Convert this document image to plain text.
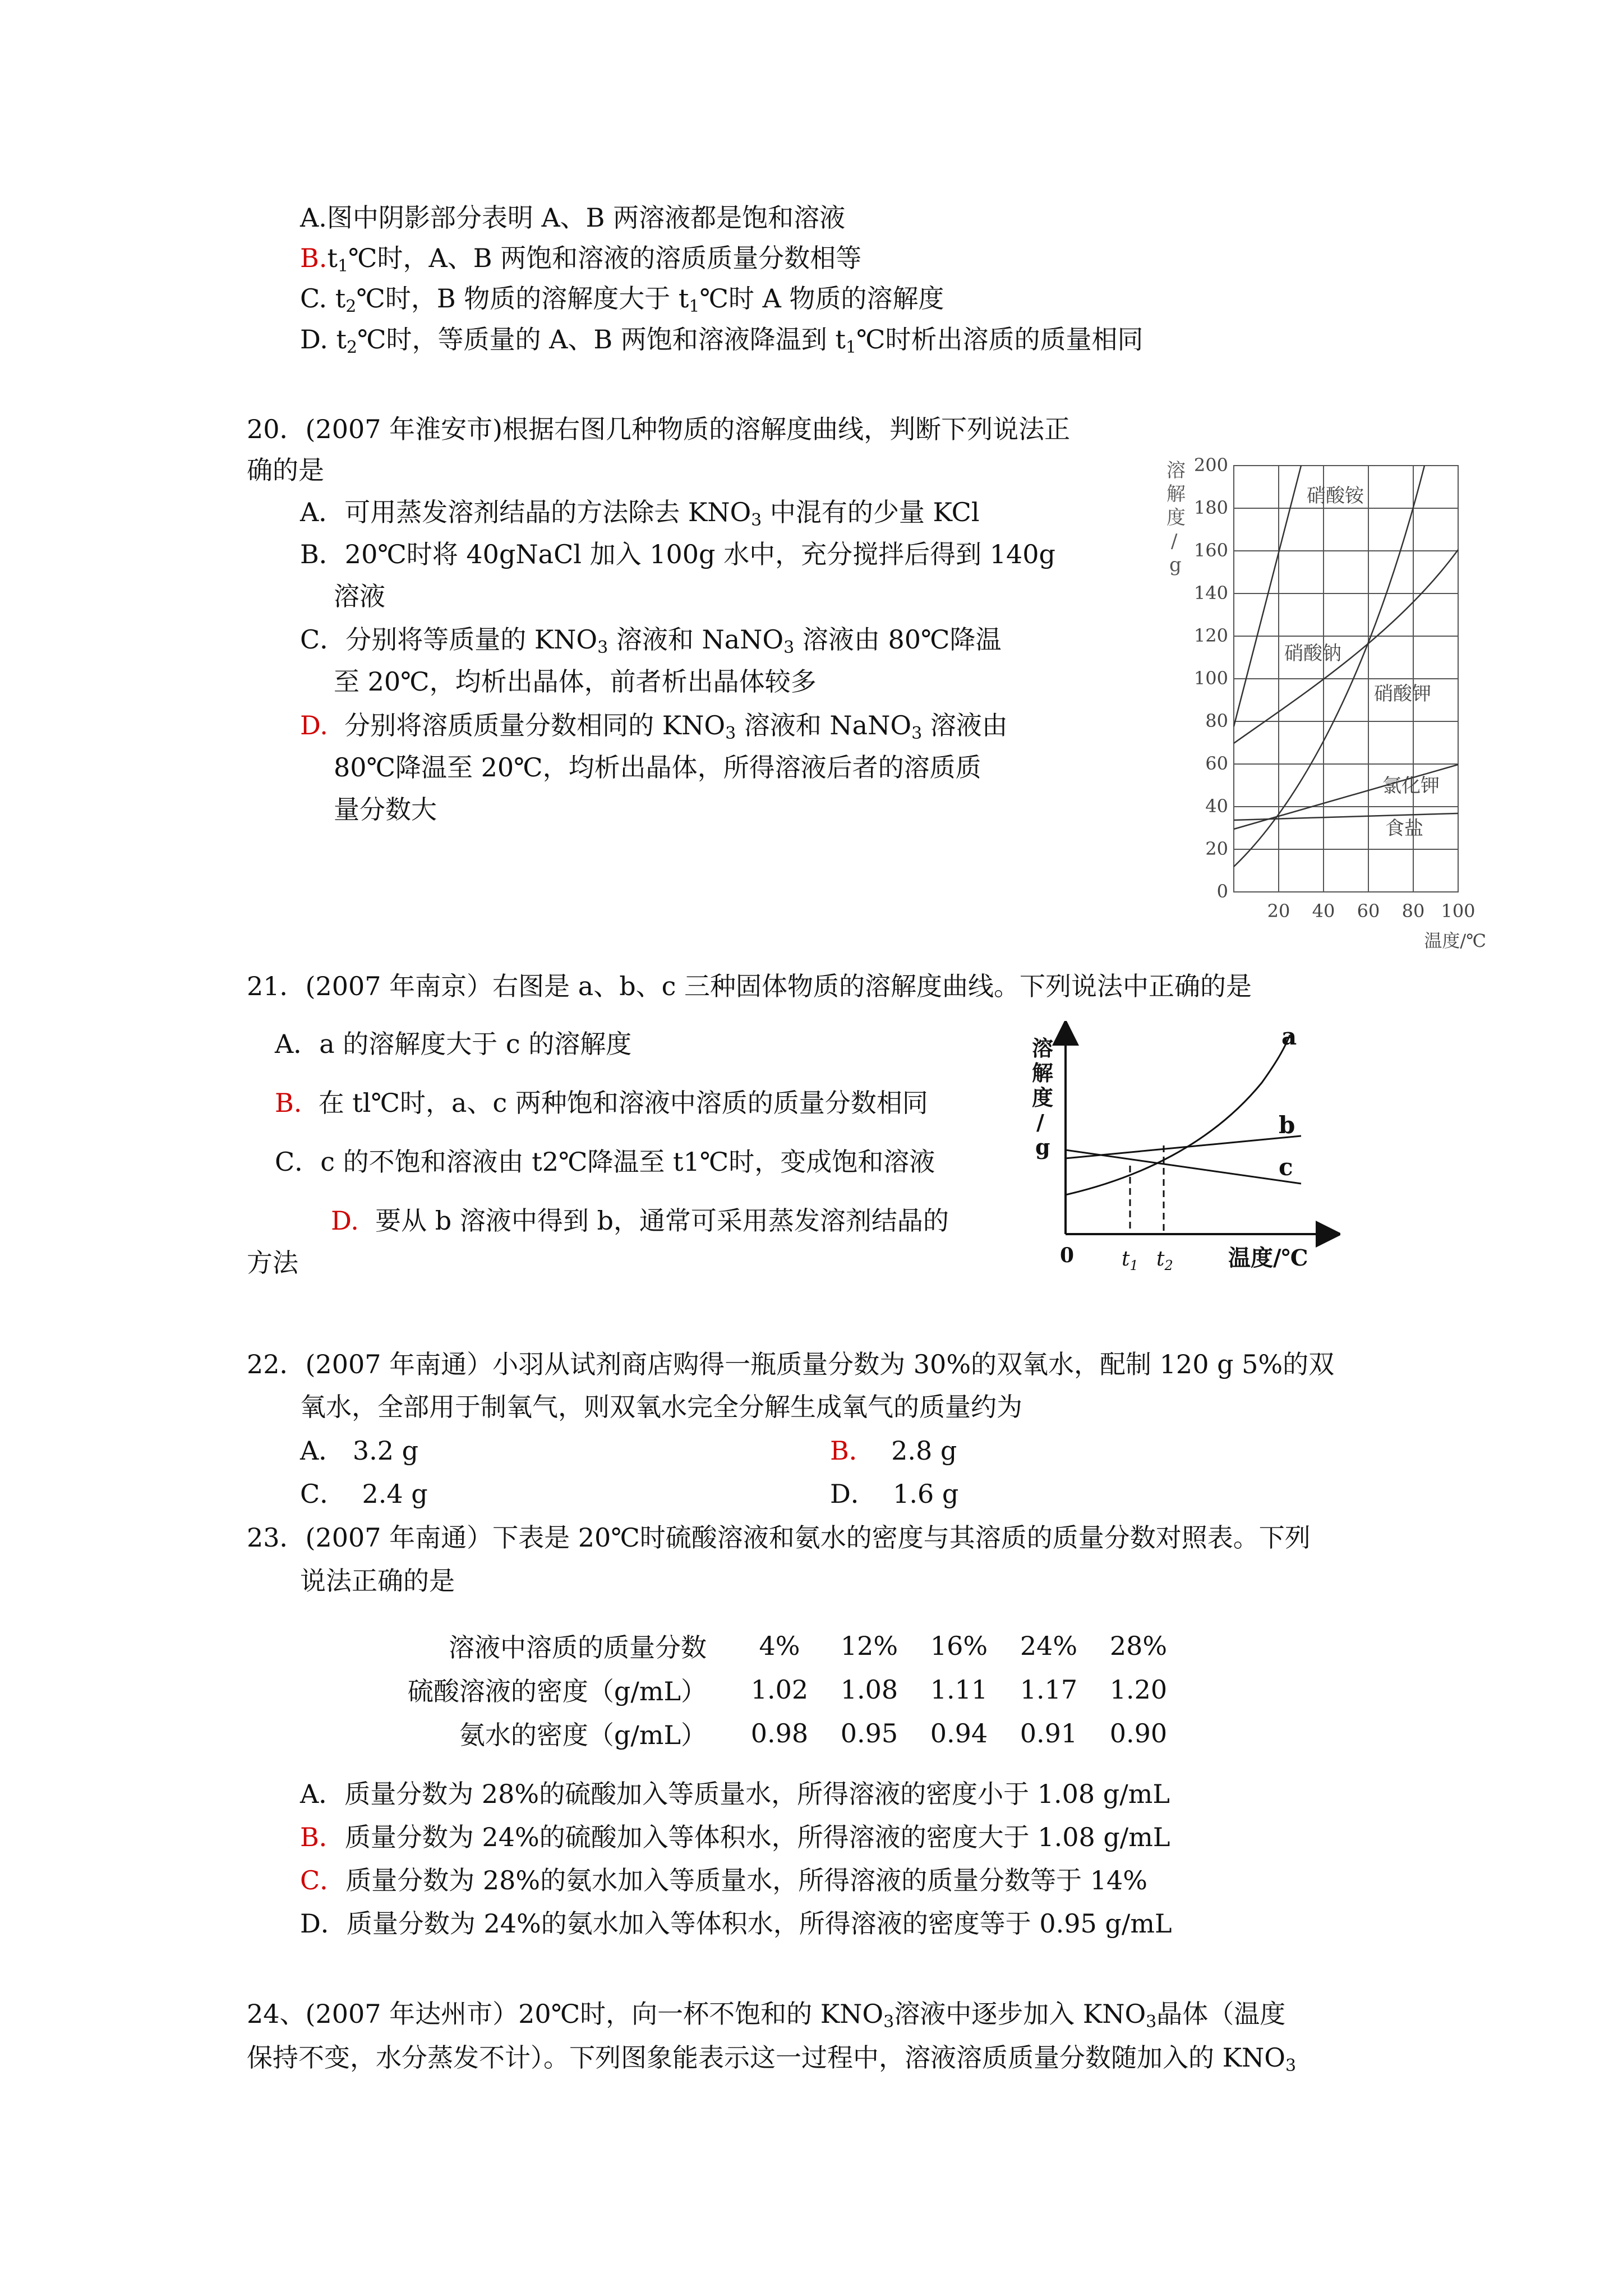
A.图中阴影部分表明 A、B 两溶液都是饱和溶液
$B.t_1℃$时，A、B 两饱和溶液的溶质质量分数相等
C. $t_2℃$时，B 物质的溶解度大于 $t_1℃$时 A 物质的溶解度
D. $t_2℃$时，等质量的 A、B 两饱和溶液降温到 $t_1℃$时析出溶质的质量相同
20．(2007 年淮安市)根据右图几种物质的溶解度曲线，判断下列说法正
确的是
A．可用蒸发溶剂结晶的方法除去 $KNO_3$ 中混有的少量 KCl
B．20℃时将 40gNaCl 加入 100g 水中，充分搅拌后得到 140g
溶液
C．分别将等质量的 $KNO_3$ 溶液和 NaNO$_3$ 溶液由 80℃降温
至 20℃，均析出晶体，前者析出晶体较多
D. 分别将溶质质量分数相同的 $KNO_3$ 溶液和 NaNO$_3$ 溶液由
80℃降温至 20℃，均析出晶体，所得溶液后者的溶质质
量分数大
溶
解
度
/
g
200
180
160
140
120
100
80
60
40
20
0
20 40 60 80 100
温度/℃
硝酸铵
硝酸钠
硝酸钾
氯化钾
食盐
21．(2007 年南京）右图是 a、b、c 三种固体物质的溶解度曲线。下列说法中正确的是
A．a 的溶解度大于 c 的溶解度
B. 在 tl℃时，a、c 两种饱和溶液中溶质的质量分数相同
C．c 的不饱和溶液由 t2℃降温至 t1℃时，变成饱和溶液
D. 要从 b 溶液中得到 b，通常可采用蒸发溶剂结晶的
方法
溶
解
度
/
g
a
b
c
0 $t_1$ $t_2$ 温度/℃
22．(2007 年南通）小羽从试剂商店购得一瓶质量分数为 30%的双氧水，配制 120 g 5%的双
氧水，全部用于制氧气，则双氧水完全分解生成氧气的质量约为
A． 3.2 g	B． 2.8 g
C．  2.4 g	D．  1.6 g
23．(2007 年南通）下表是 20℃时硫酸溶液和氨水的密度与其溶质的质量分数对照表。下列
说法正确的是
溶液中溶质的质量分数	4%	12%	16%	24%	28%
硫酸溶液的密度（g/mL）	1.02	1.08	1.11	1.17	1.20
氨水的密度（g/mL）	0.98	0.95	0.94	0.91	0.90
A．质量分数为 28%的硫酸加入等质量水，所得溶液的密度小于 1.08 g/mL
B．质量分数为 24%的硫酸加入等体积水，所得溶液的密度大于 1.08 g/mL
C．质量分数为 28%的氨水加入等质量水，所得溶液的质量分数等于 14%
D．质量分数为 24%的氨水加入等体积水，所得溶液的密度等于 0.95 g/mL
24、(2007 年达州市）20℃时，向一杯不饱和的 $KNO_3$溶液中逐步加入 $KNO_3$晶体（温度
保持不变，水分蒸发不计）。下列图象能表示这一过程中，溶液溶质质量分数随加入的 $KNO_3$
